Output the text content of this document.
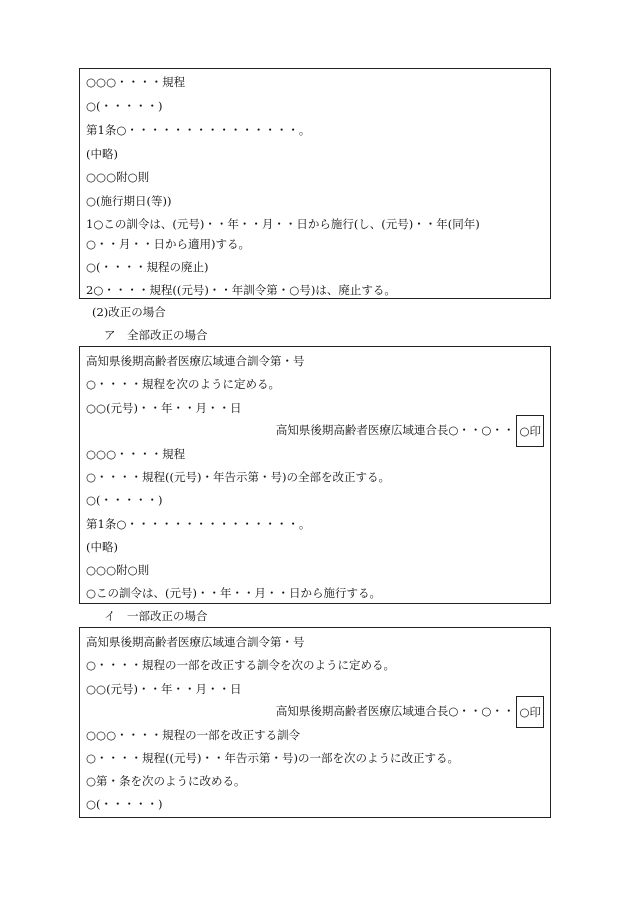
○○○・・・・規程
○(・・・・・)
第1条○・・・・・・・・・・・・・・・。
(中略)
○○○附○則
○(施行期日(等))
1○この訓令は、(元号)・・年・・月・・日から施行(し、(元号)・・年(同年)
○・・月・・日から適用)する。
○(・・・・規程の廃止)
2○・・・・規程((元号)・・年訓令第・○号)は、廃止する。
(2)改正の場合
ア　全部改正の場合
高知県後期高齢者医療広域連合訓令第・号
○・・・・規程を次のように定める。
○○(元号)・・年・・月・・日
高知県後期高齢者医療広域連合長○・・○・・ ○印
○○○・・・・規程
○・・・・規程((元号)・年告示第・号)の全部を改正する。
○(・・・・・)
第1条○・・・・・・・・・・・・・・・。
(中略)
○○○附○則
○この訓令は、(元号)・・年・・月・・日から施行する。
イ　一部改正の場合
高知県後期高齢者医療広域連合訓令第・号
○・・・・規程の一部を改正する訓令を次のように定める。
○○(元号)・・年・・月・・日
高知県後期高齢者医療広域連合長○・・○・・ ○印
○○○・・・・規程の一部を改正する訓令
○・・・・規程((元号)・・年告示第・号)の一部を次のように改正する。
○第・条を次のように改める。
○(・・・・・)
